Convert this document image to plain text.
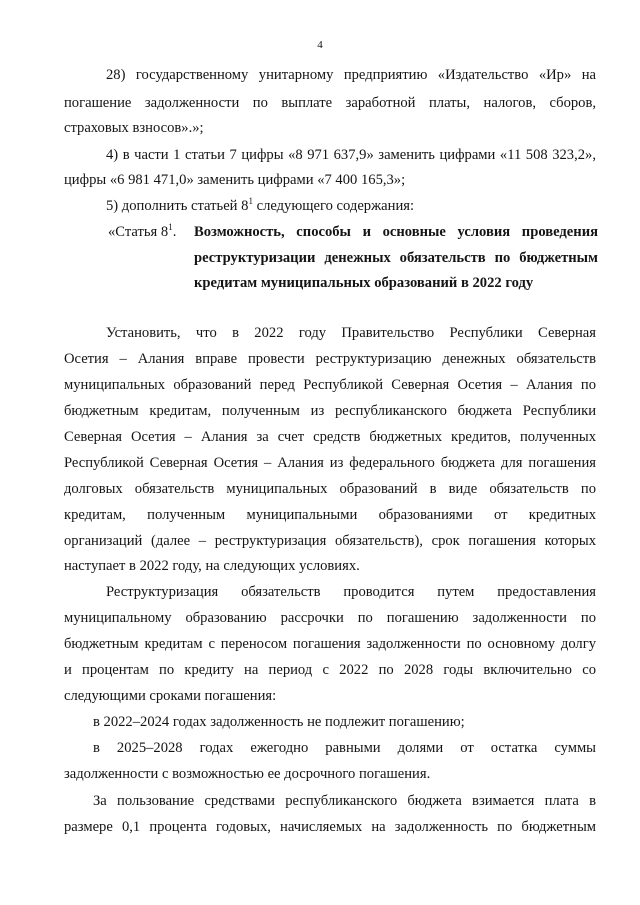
4
28) государственному унитарному предприятию «Издательство «Ир» на
погашение задолженности по выплате заработной платы, налогов, сборов,
страховых взносов».»;
4) в части 1 статьи 7 цифры «8 971 637,9» заменить цифрами «11 508 323,2»,
цифры «6 981 471,0» заменить цифрами «7 400 165,3»;
5) дополнить статьей $8^1$ следующего содержания:
«Статья $8^1$. Возможность, способы и основные условия проведения
реструктуризации денежных обязательств по бюджетным
кредитам муниципальных образований в 2022 году
Установить, что в 2022 году Правительство Республики Северная
Осетия – Алания вправе провести реструктуризацию денежных обязательств
муниципальных образований перед Республикой Северная Осетия – Алания по
бюджетным кредитам, полученным из республиканского бюджета Республики
Северная Осетия – Алания за счет средств бюджетных кредитов, полученных
Республикой Северная Осетия – Алания из федерального бюджета для погашения
долговых обязательств муниципальных образований в виде обязательств по
кредитам, полученным муниципальными образованиями от кредитных
организаций (далее – реструктуризация обязательств), срок погашения которых
наступает в 2022 году, на следующих условиях.
Реструктуризация обязательств проводится путем предоставления
муниципальному образованию рассрочки по погашению задолженности по
бюджетным кредитам с переносом погашения задолженности по основному долгу
и процентам по кредиту на период с 2022 по 2028 годы включительно со
следующими сроками погашения:
в 2022–2024 годах задолженность не подлежит погашению;
в 2025–2028 годах ежегодно равными долями от остатка суммы
задолженности с возможностью ее досрочного погашения.
За пользование средствами республиканского бюджета взимается плата в
размере 0,1 процента годовых, начисляемых на задолженность по бюджетным
